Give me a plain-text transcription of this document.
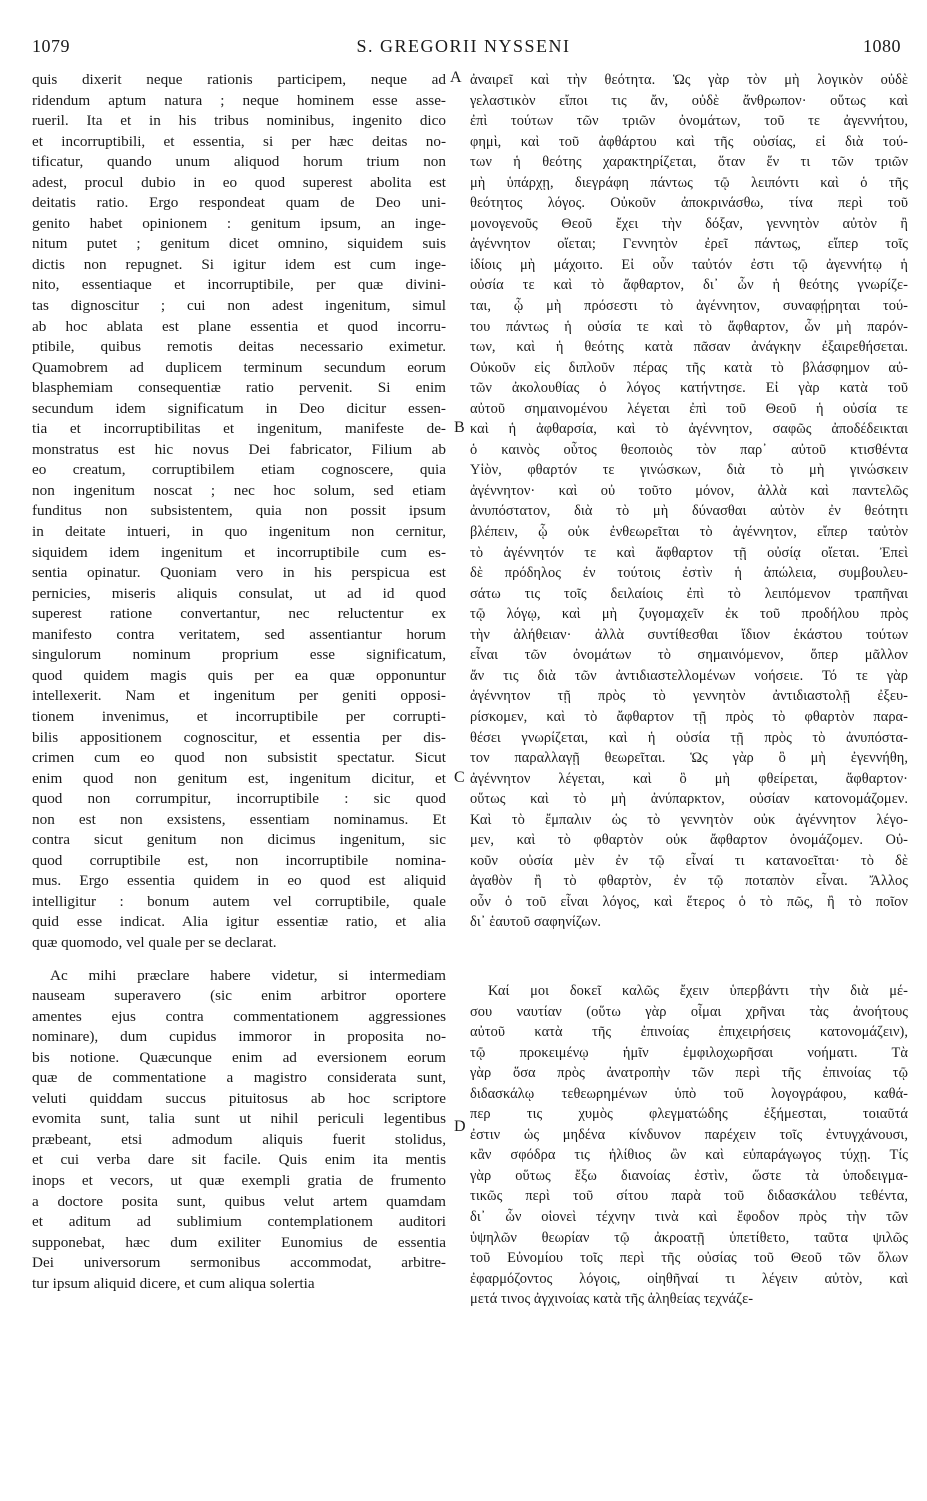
1079	S. GREGORII NYSSENI	1080
A
B
C
D
quis dixerit neque rationis participem, neque ad
ridendum aptum natura ; neque hominem esse asse-
rueril. Ita et in his tribus nominibus, ingenito dico
et incorruptibili, et essentia, si per hæc deitas no-
tificatur, quando unum aliquod horum trium non
adest, procul dubio in eo quod superest abolita est
deitatis ratio. Ergo respondeat quam de Deo uni-
genito habet opinionem : genitum ipsum, an inge-
nitum putet ; genitum dicet omnino, siquidem suis
dictis non repugnet. Si igitur idem est cum inge-
nito, essentiaque et incorruptibile, per quæ divini-
tas dignoscitur ; cui non adest ingenitum, simul
ab hoc ablata est plane essentia et quod incorru-
ptibile, quibus remotis deitas necessario eximetur.
Quamobrem ad duplicem terminum secundum eorum
blasphemiam consequentiæ ratio pervenit. Si enim
secundum idem significatum in Deo dicitur essen-
tia et incorruptibilitas et ingenitum, manifeste de-
monstratus est hic novus Dei fabricator, Filium ab
eo creatum, corruptibilem etiam cognoscere, quia
non ingenitum noscat ; nec hoc solum, sed etiam
funditus non subsistentem, quia non possit ipsum
in deitate intueri, in quo ingenitum non cernitur,
siquidem idem ingenitum et incorruptibile cum es-
sentia opinatur. Quoniam vero in his perspicua est
pernicies, miseris aliquis consulat, ut ad id quod
superest ratione convertantur, nec reluctentur ex
manifesto contra veritatem, sed assentiantur horum
singulorum nominum proprium esse significatum,
quod quidem magis quis per ea quæ opponuntur
intellexerit. Nam et ingenitum per geniti opposi-
tionem invenimus, et incorruptibile per corrupti-
bilis appositionem cognoscitur, et essentia per dis-
crimen cum eo quod non subsistit spectatur. Sicut
enim quod non genitum est, ingenitum dicitur, et
quod non corrumpitur, incorruptibile : sic quod
non est non exsistens, essentiam nominamus. Et
contra sicut genitum non dicimus ingenitum, sic
quod corruptibile est, non incorruptibile nomina-
mus. Ergo essentia quidem in eo quod est aliquid
intelligitur : bonum autem vel corruptibile, quale
quid esse indicat. Alia igitur essentiæ ratio, et alia
quæ quomodo, vel quale per se declarat.
Ac mihi præclare habere videtur, si intermediam
nauseam superavero (sic enim arbitror oportere
amentes ejus contra commentationem aggressiones
nominare), dum cupidus immoror in proposita no-
bis notione. Quæcunque enim ad eversionem eorum
quæ de commentatione a magistro considerata sunt,
veluti quiddam succus pituitosus ab hoc scriptore
evomita sunt, talia sunt ut nihil periculi legentibus
præbeant, etsi admodum aliquis fuerit stolidus,
et cui verba dare sit facile. Quis enim ita mentis
inops et vecors, ut quæ exempli gratia de frumento
a doctore posita sunt, quibus velut artem quamdam
et aditum ad sublimium contemplationem auditori
supponebat, hæc dum exiliter Eunomius de essentia
Dei universorum sermonibus accommodat, arbitre-
tur ipsum aliquid dicere, et cum aliqua solertia
ἀναιρεῖ καὶ τὴν θεότητα. Ὡς γὰρ τὸν μὴ λογικὸν οὐδὲ
γελαστικὸν εἴποι τις ἄν, οὐδὲ ἄνθρωπον· οὕτως καὶ
ἐπὶ τούτων τῶν τριῶν ὀνομάτων, τοῦ τε ἀγεννήτου,
φημὶ, καὶ τοῦ ἀφθάρτου καὶ τῆς οὐσίας, εἰ διὰ τού-
των ἡ θεότης χαρακτηρίζεται, ὅταν ἕν τι τῶν τριῶν
μὴ ὑπάρχῃ, διεγράφη πάντως τῷ λειπόντι καὶ ὁ τῆς
θεότητος λόγος. Οὐκοῦν ἀποκρινάσθω, τίνα περὶ τοῦ
μονογενοῦς Θεοῦ ἔχει τὴν δόξαν, γεννητὸν αὐτὸν ἢ
ἀγέννητον οἴεται; Γεννητὸν ἐρεῖ πάντως, εἴπερ τοῖς
ἰδίοις μὴ μάχοιτο. Εἰ οὖν ταὐτόν ἐστι τῷ ἀγεννήτῳ ἡ
οὐσία τε καὶ τὸ ἄφθαρτον, δι᾿ ὧν ἡ θεότης γνωρίζε-
ται, ᾧ μὴ πρόσεστι τὸ ἀγέννητον, συναφῄρηται τού-
του πάντως ἡ οὐσία τε καὶ τὸ ἄφθαρτον, ὧν μὴ παρόν-
των, καὶ ἡ θεότης κατὰ πᾶσαν ἀνάγκην ἐξαιρεθήσεται.
Οὐκοῦν εἰς διπλοῦν πέρας τῆς κατὰ τὸ βλάσφημον αὐ-
τῶν ἀκολουθίας ὁ λόγος κατήντησε. Εἰ γὰρ κατὰ τοῦ
αὐτοῦ σημαινομένου λέγεται ἐπὶ τοῦ Θεοῦ ἡ οὐσία τε
καὶ ἡ ἀφθαρσία, καὶ τὸ ἀγέννητον, σαφῶς ἀποδέδεικται
ὁ καινὸς οὗτος θεοποιὸς τὸν παρ᾿ αὐτοῦ κτισθέντα
Υἱὸν, φθαρτόν τε γινώσκων, διὰ τὸ μὴ γινώσκειν
ἀγέννητον· καὶ οὐ τοῦτο μόνον, ἀλλὰ καὶ παντελῶς
ἀνυπόστατον, διὰ τὸ μὴ δύνασθαι αὐτὸν ἐν θεότητι
βλέπειν, ᾧ οὐκ ἐνθεωρεῖται τὸ ἀγέννητον, εἴπερ ταὐτὸν
τὸ ἀγέννητόν τε καὶ ἄφθαρτον τῇ οὐσίᾳ οἴεται. Ἐπεὶ
δὲ πρόδηλος ἐν τούτοις ἐστὶν ἡ ἀπώλεια, συμβουλευ-
σάτω τις τοῖς δειλαίοις ἐπὶ τὸ λειπόμενον τραπῆναι
τῷ λόγῳ, καὶ μὴ ζυγομαχεῖν ἐκ τοῦ προδήλου πρὸς
τὴν ἀλήθειαν· ἀλλὰ συντίθεσθαι ἴδιον ἑκάστου τούτων
εἶναι τῶν ὀνομάτων τὸ σημαινόμενον, ὅπερ μᾶλλον
ἄν τις διὰ τῶν ἀντιδιαστελλομένων νοήσειε. Τό τε γὰρ
ἀγέννητον τῇ πρὸς τὸ γεννητὸν ἀντιδιαστολῇ ἐξευ-
ρίσκομεν, καὶ τὸ ἄφθαρτον τῇ πρὸς τὸ φθαρτὸν παρα-
θέσει γνωρίζεται, καὶ ἡ οὐσία τῇ πρὸς τὸ ἀνυπόστα-
τον παραλλαγῇ θεωρεῖται. Ὡς γὰρ ὃ μὴ ἐγεννήθη,
ἀγέννητον λέγεται, καὶ ὃ μὴ φθείρεται, ἄφθαρτον·
οὕτως καὶ τὸ μὴ ἀνύπαρκτον, οὐσίαν κατονομάζομεν.
Καὶ τὸ ἔμπαλιν ὡς τὸ γεννητὸν οὐκ ἀγέννητον λέγο-
μεν, καὶ τὸ φθαρτὸν οὐκ ἄφθαρτον ὀνομάζομεν. Οὐ-
κοῦν οὐσία μὲν ἐν τῷ εἶναί τι κατανοεῖται· τὸ δὲ
ἀγαθὸν ἢ τὸ φθαρτὸν, ἐν τῷ ποταπὸν εἶναι. Ἄλλος
οὖν ὁ τοῦ εἶναι λόγος, καὶ ἕτερος ὁ τὸ πῶς, ἢ τὸ ποῖον
δι᾿ ἑαυτοῦ σαφηνίζων.
Καί μοι δοκεῖ καλῶς ἔχειν ὑπερβάντι τὴν διὰ μέ-
σου ναυτίαν (οὕτω γὰρ οἶμαι χρῆναι τὰς ἀνοήτους
αὐτοῦ κατὰ τῆς ἐπινοίας ἐπιχειρήσεις κατονομάζειν),
τῷ προκειμένῳ ἡμῖν ἐμφιλοχωρῆσαι νοήματι. Τὰ
γὰρ ὅσα πρὸς ἀνατροπὴν τῶν περὶ τῆς ἐπινοίας τῷ
διδασκάλῳ τεθεωρημένων ὑπὸ τοῦ λογογράφου, καθά-
περ τις χυμὸς φλεγματώδης ἐξήμεσται, τοιαῦτά
ἐστιν ὡς μηδένα κίνδυνον παρέχειν τοῖς ἐντυγχάνουσι,
κἂν σφόδρα τις ἠλίθιος ὢν καὶ εὐπαράγωγος τύχῃ. Τίς
γὰρ οὕτως ἔξω διανοίας ἐστὶν, ὥστε τὰ ὑποδειγμα-
τικῶς περὶ τοῦ σίτου παρὰ τοῦ διδασκάλου τεθέντα,
δι᾿ ὧν οἱονεὶ τέχνην τινὰ καὶ ἔφοδον πρὸς τὴν τῶν
ὑψηλῶν θεωρίαν τῷ ἀκροατῇ ὑπετίθετο, ταῦτα ψιλῶς
τοῦ Εὐνομίου τοῖς περὶ τῆς οὐσίας τοῦ Θεοῦ τῶν ὅλων
ἐφαρμόζοντος λόγοις, οἰηθῆναί τι λέγειν αὐτὸν, καὶ
μετά τινος ἀγχινοίας κατὰ τῆς ἀληθείας τεχνάζε-
